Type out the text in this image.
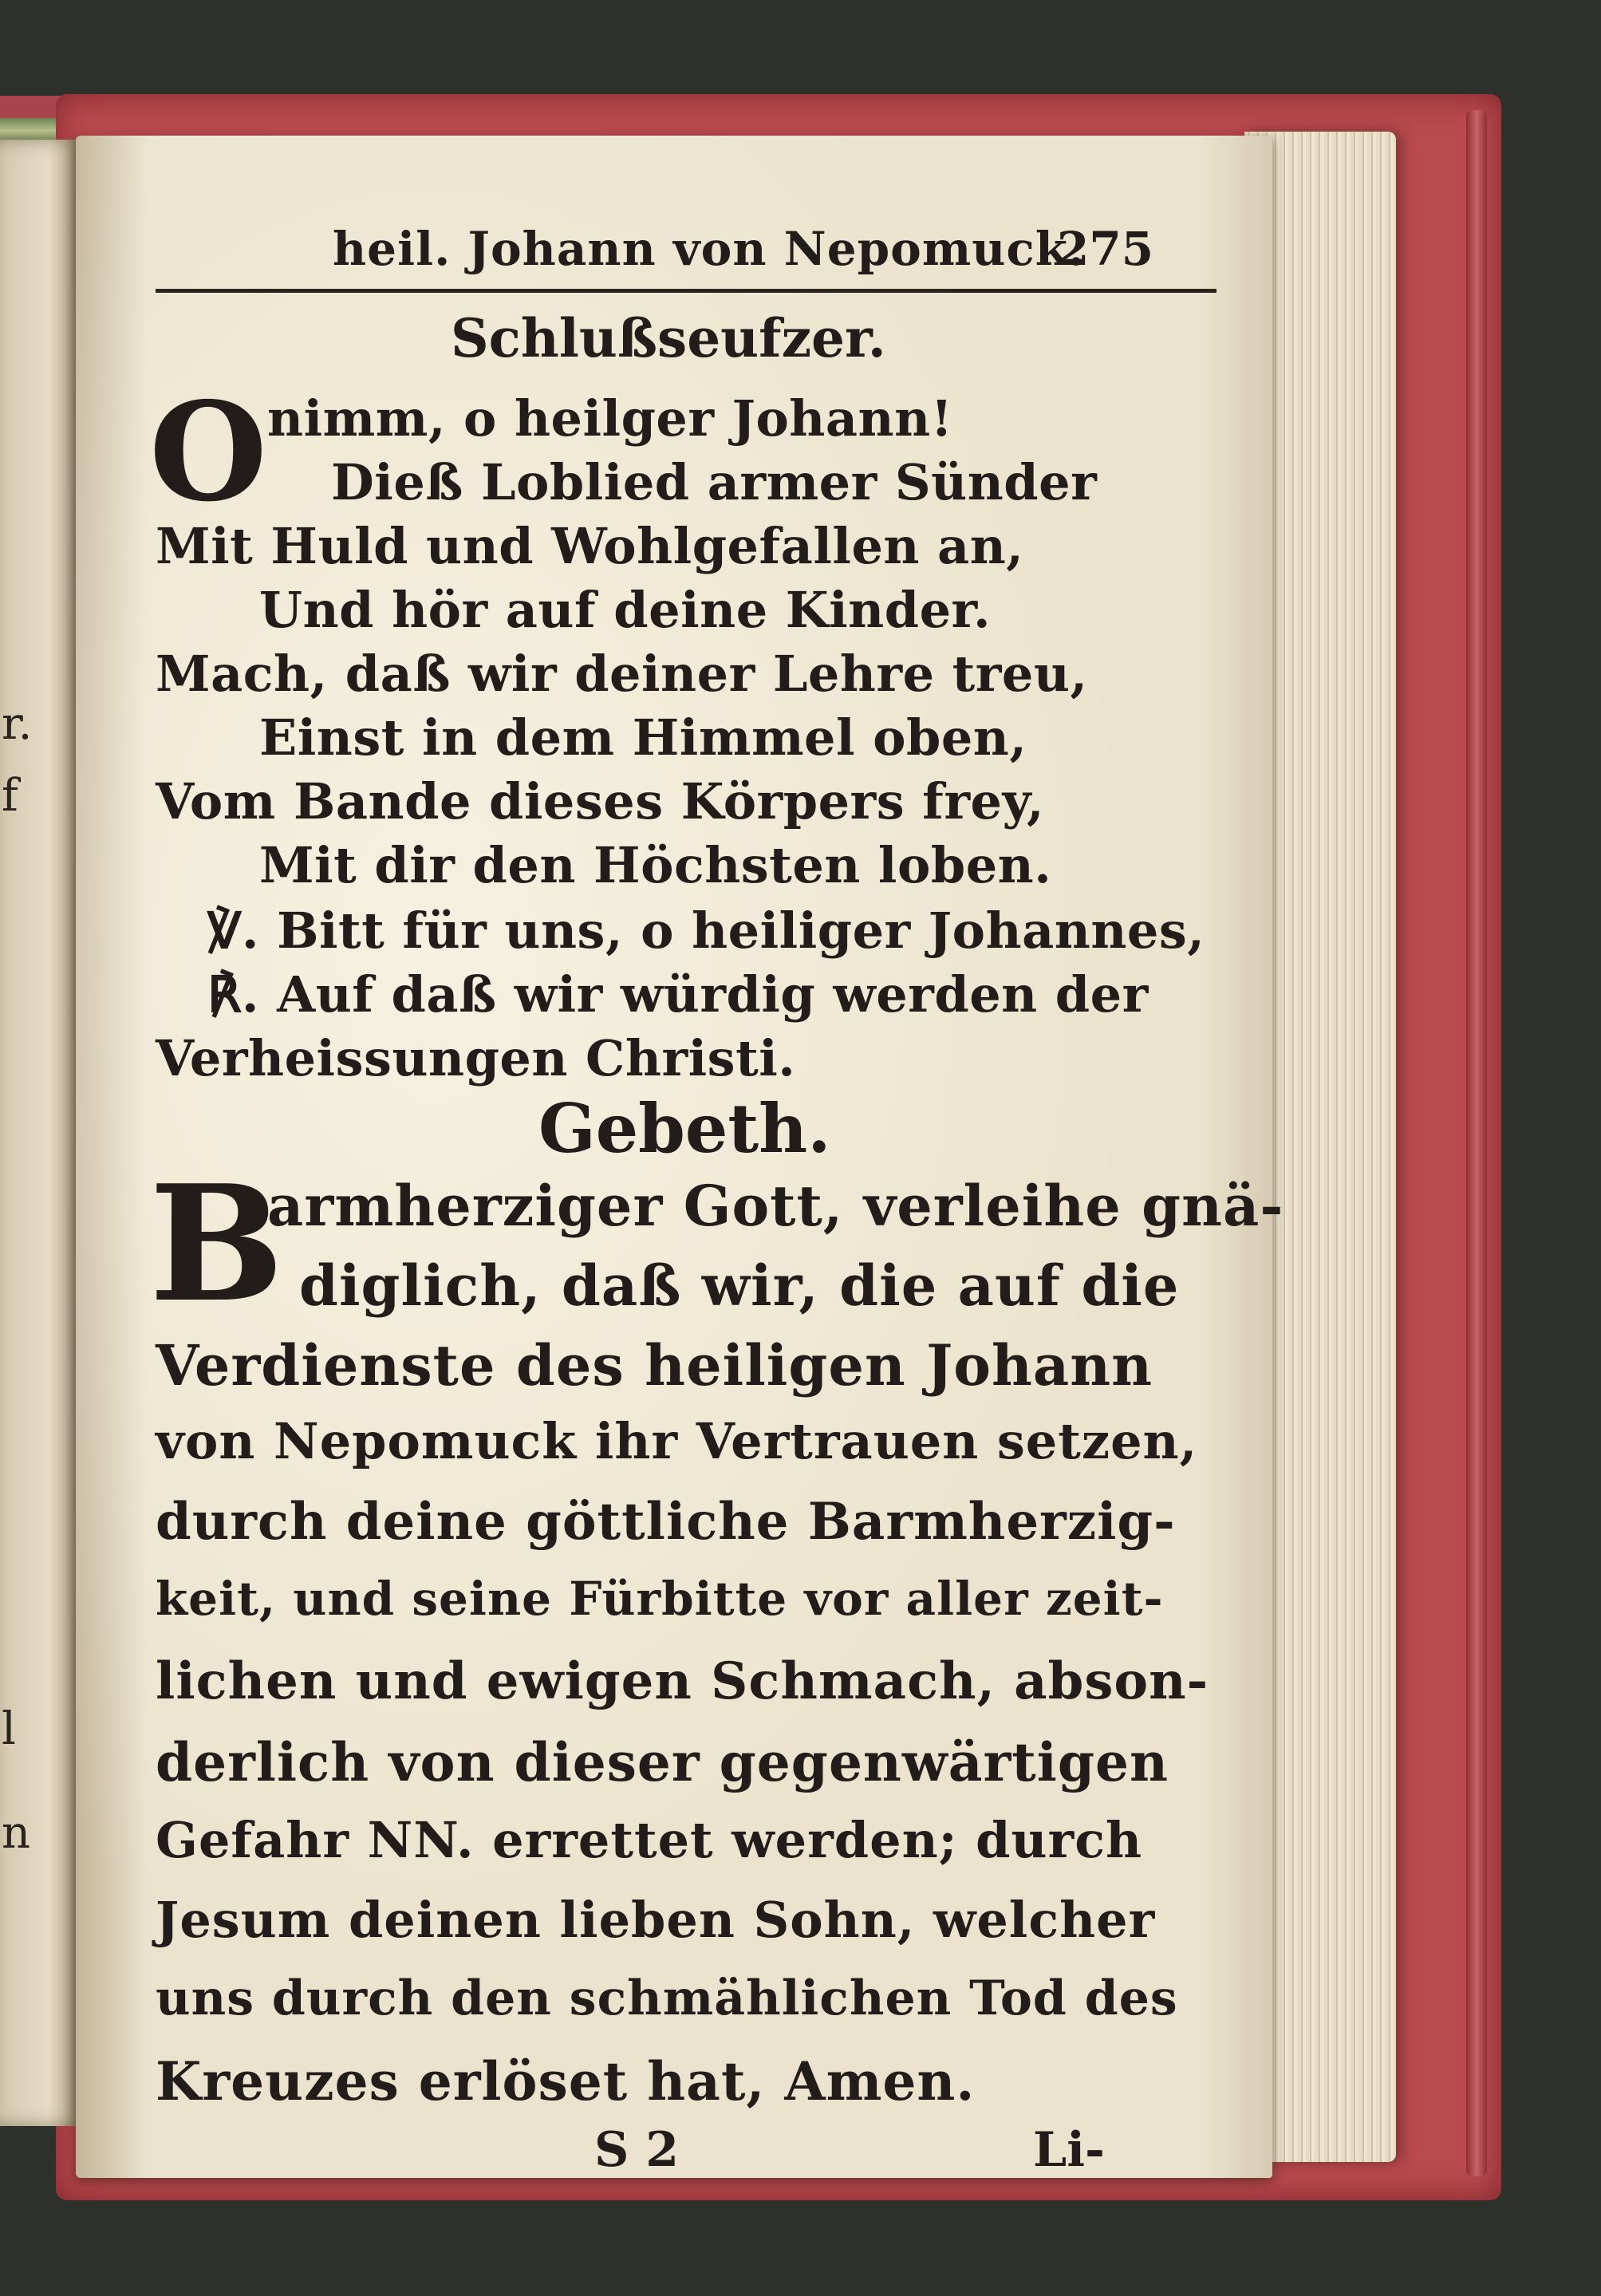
r.
f
l
n
heil. Johann von Nepomuck.
275
Schlußseufzer.
O nimm, o heilger Johann!
Dieß Loblied armer Sünder
Mit Huld und Wohlgefallen an,
Und hör auf deine Kinder.
Mach, daß wir deiner Lehre treu,
Einst in dem Himmel oben,
Vom Bande dieses Körpers frey,
Mit dir den Höchsten loben.
℣. Bitt für uns, o heiliger Johannes,
℟. Auf daß wir würdig werden der
Verheissungen Christi.
Gebeth.
B
armherziger Gott, verleihe gnä-
diglich, daß wir, die auf die
Verdienste des heiligen Johann
von Nepomuck ihr Vertrauen setzen,
durch deine göttliche Barmherzig-
keit, und seine Fürbitte vor aller zeit-
lichen und ewigen Schmach, abson-
derlich von dieser gegenwärtigen
Gefahr NN. errettet werden; durch
Jesum deinen lieben Sohn, welcher
uns durch den schmählichen Tod des
Kreuzes erlöset hat, Amen.
S 2	Li-
